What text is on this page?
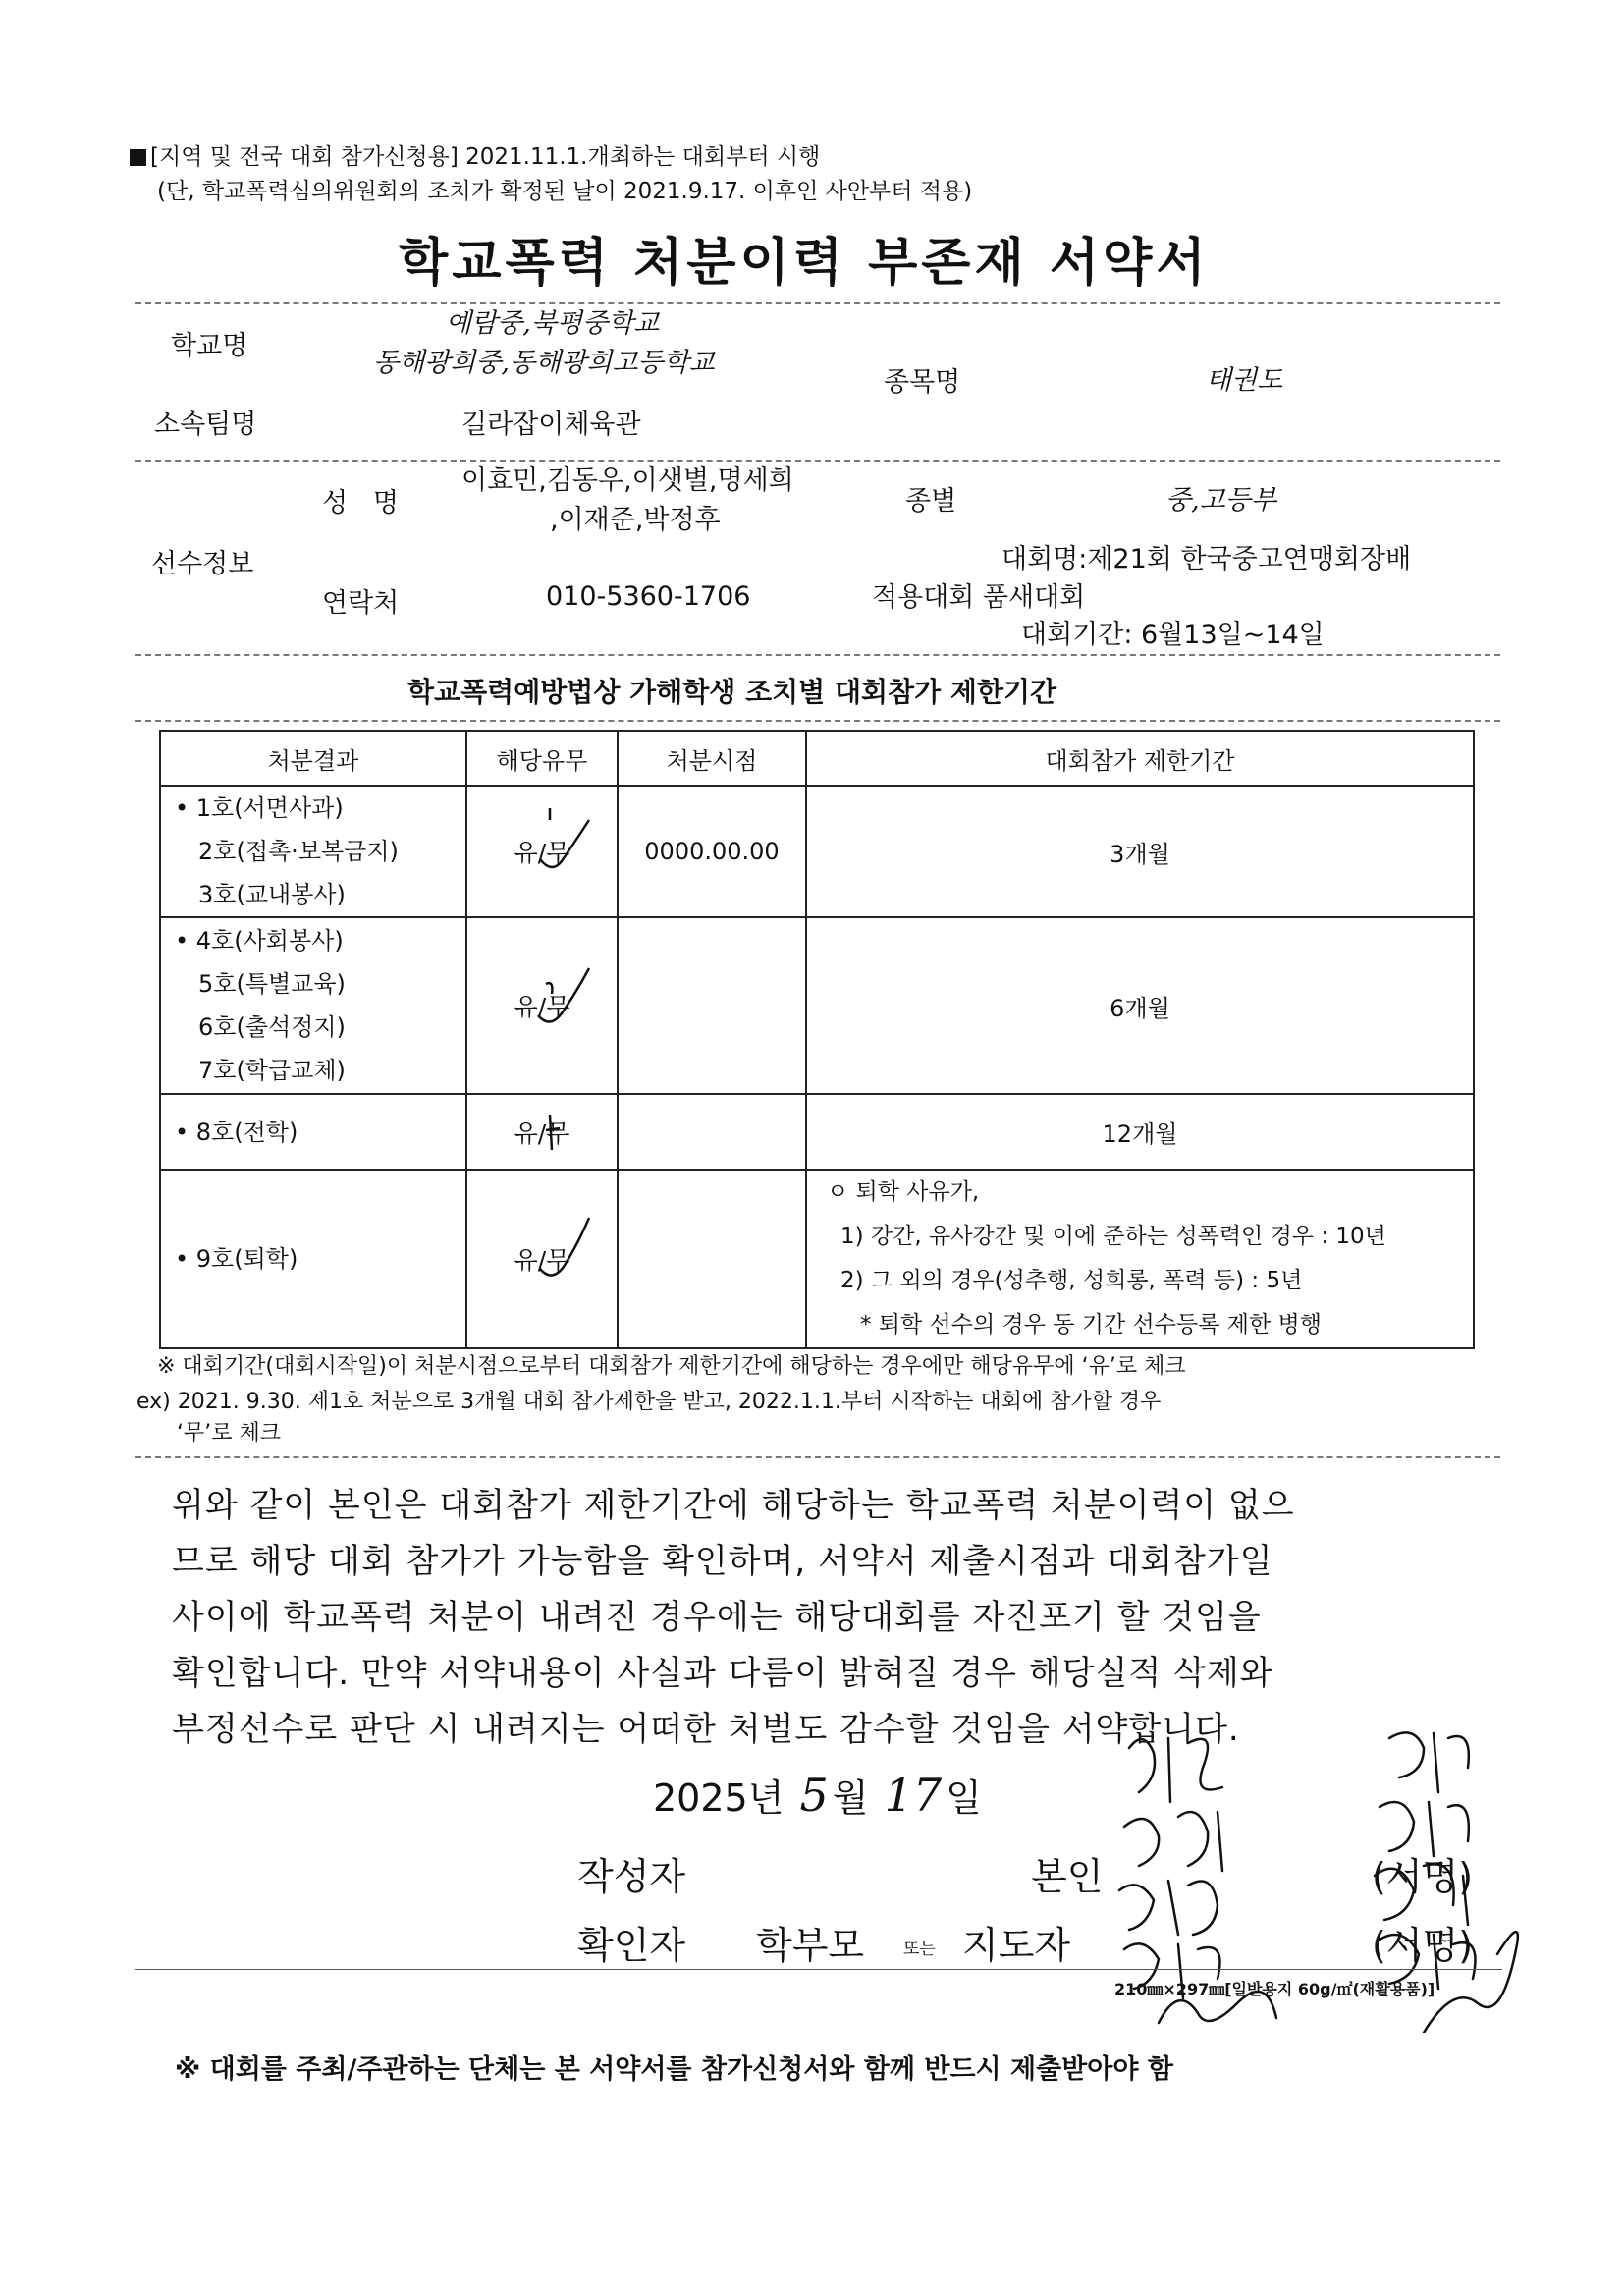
[지역 및 전국 대회 참가신청용] 2021.11.1.개최하는 대회부터 시행
(단, 학교폭력심의위원회의 조치가 확정된 날이 2021.9.17. 이후인 사안부터 적용)
학교폭력 처분이력 부존재 서약서
학교명
예람중,북평중학교
동해광희중,동해광희고등학교
종목명	태권도
소속팀명	길라잡이체육관
성   명
이효민,김동우,이샛별,명세희
,이재준,박정후
종별	중,고등부
선수정보	대회명:제21회 한국중고연맹회장배
연락처	010-5360-1706	적용대회 품새대회
대회기간: 6월13일~14일
학교폭력예방법상 가해학생 조치별 대회참가 제한기간
처분결과	해당유무	처분시점	대회참가 제한기간

• 1호(서면사과)
2호(접촉·보복금지)
3호(교내봉사)	유/무	0000.00.00	3개월

• 4호(사회봉사)
5호(특별교육)
6호(출석정지)
7호(학급교체)	유/무		6개월

• 8호(전학)	유/무		12개월

• 9호(퇴학)	유/무		ㅇ 퇴학 사유가,
1) 강간, 유사강간 및 이에 준하는 성폭력인 경우 : 10년
2) 그 외의 경우(성추행, 성희롱, 폭력 등) : 5년
* 퇴학 선수의 경우 동 기간 선수등록 제한 병행
※ 대회기간(대회시작일)이 처분시점으로부터 대회참가 제한기간에 해당하는 경우에만 해당유무에 ‘유’로 체크
ex) 2021. 9.30. 제1호 처분으로 3개월 대회 참가제한을 받고, 2022.1.1.부터 시작하는 대회에 참가할 경우
‘무’로 체크
위와 같이 본인은 대회참가 제한기간에 해당하는 학교폭력 처분이력이 없으
므로 해당 대회 참가가 가능함을 확인하며, 서약서 제출시점과 대회참가일
사이에 학교폭력 처분이 내려진 경우에는 해당대회를 자진포기 할 것임을
확인합니다. 만약 서약내용이 사실과 다름이 밝혀질 경우 해당실적 삭제와
부정선수로 판단 시 내려지는 어떠한 처벌도 감수할 것임을 서약합니다.
2025년 5 월 17 일
작성자	본인	(서명)
확인자 학부모 또는 지도자	(서명)
210㎜×297㎜[일반용지 60g/㎡(재활용품)]
※ 대회를 주최/주관하는 단체는 본 서약서를 참가신청서와 함께 반드시 제출받아야 함
